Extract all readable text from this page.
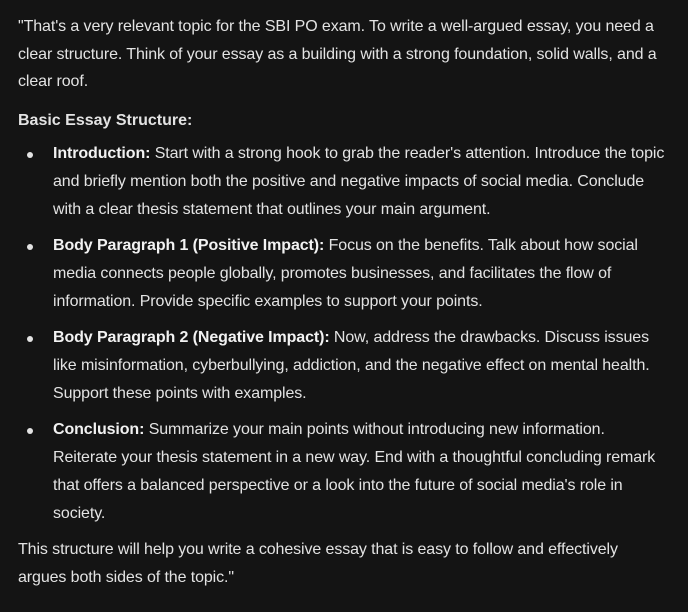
"That's a very relevant topic for the SBI PO exam. To write a well-argued essay, you need a clear structure. Think of your essay as a building with a strong foundation, solid walls, and a clear roof.

Basic Essay Structure:

Introduction: Start with a strong hook to grab the reader's attention. Introduce the topic and briefly mention both the positive and negative impacts of social media. Conclude with a clear thesis statement that outlines your main argument.
Body Paragraph 1 (Positive Impact): Focus on the benefits. Talk about how social media connects people globally, promotes businesses, and facilitates the flow of information. Provide specific examples to support your points.
Body Paragraph 2 (Negative Impact): Now, address the drawbacks. Discuss issues like misinformation, cyberbullying, addiction, and the negative effect on mental health. Support these points with examples.
Conclusion: Summarize your main points without introducing new information. Reiterate your thesis statement in a new way. End with a thoughtful concluding remark that offers a balanced perspective or a look into the future of social media's role in society.

This structure will help you write a cohesive essay that is easy to follow and effectively argues both sides of the topic."
